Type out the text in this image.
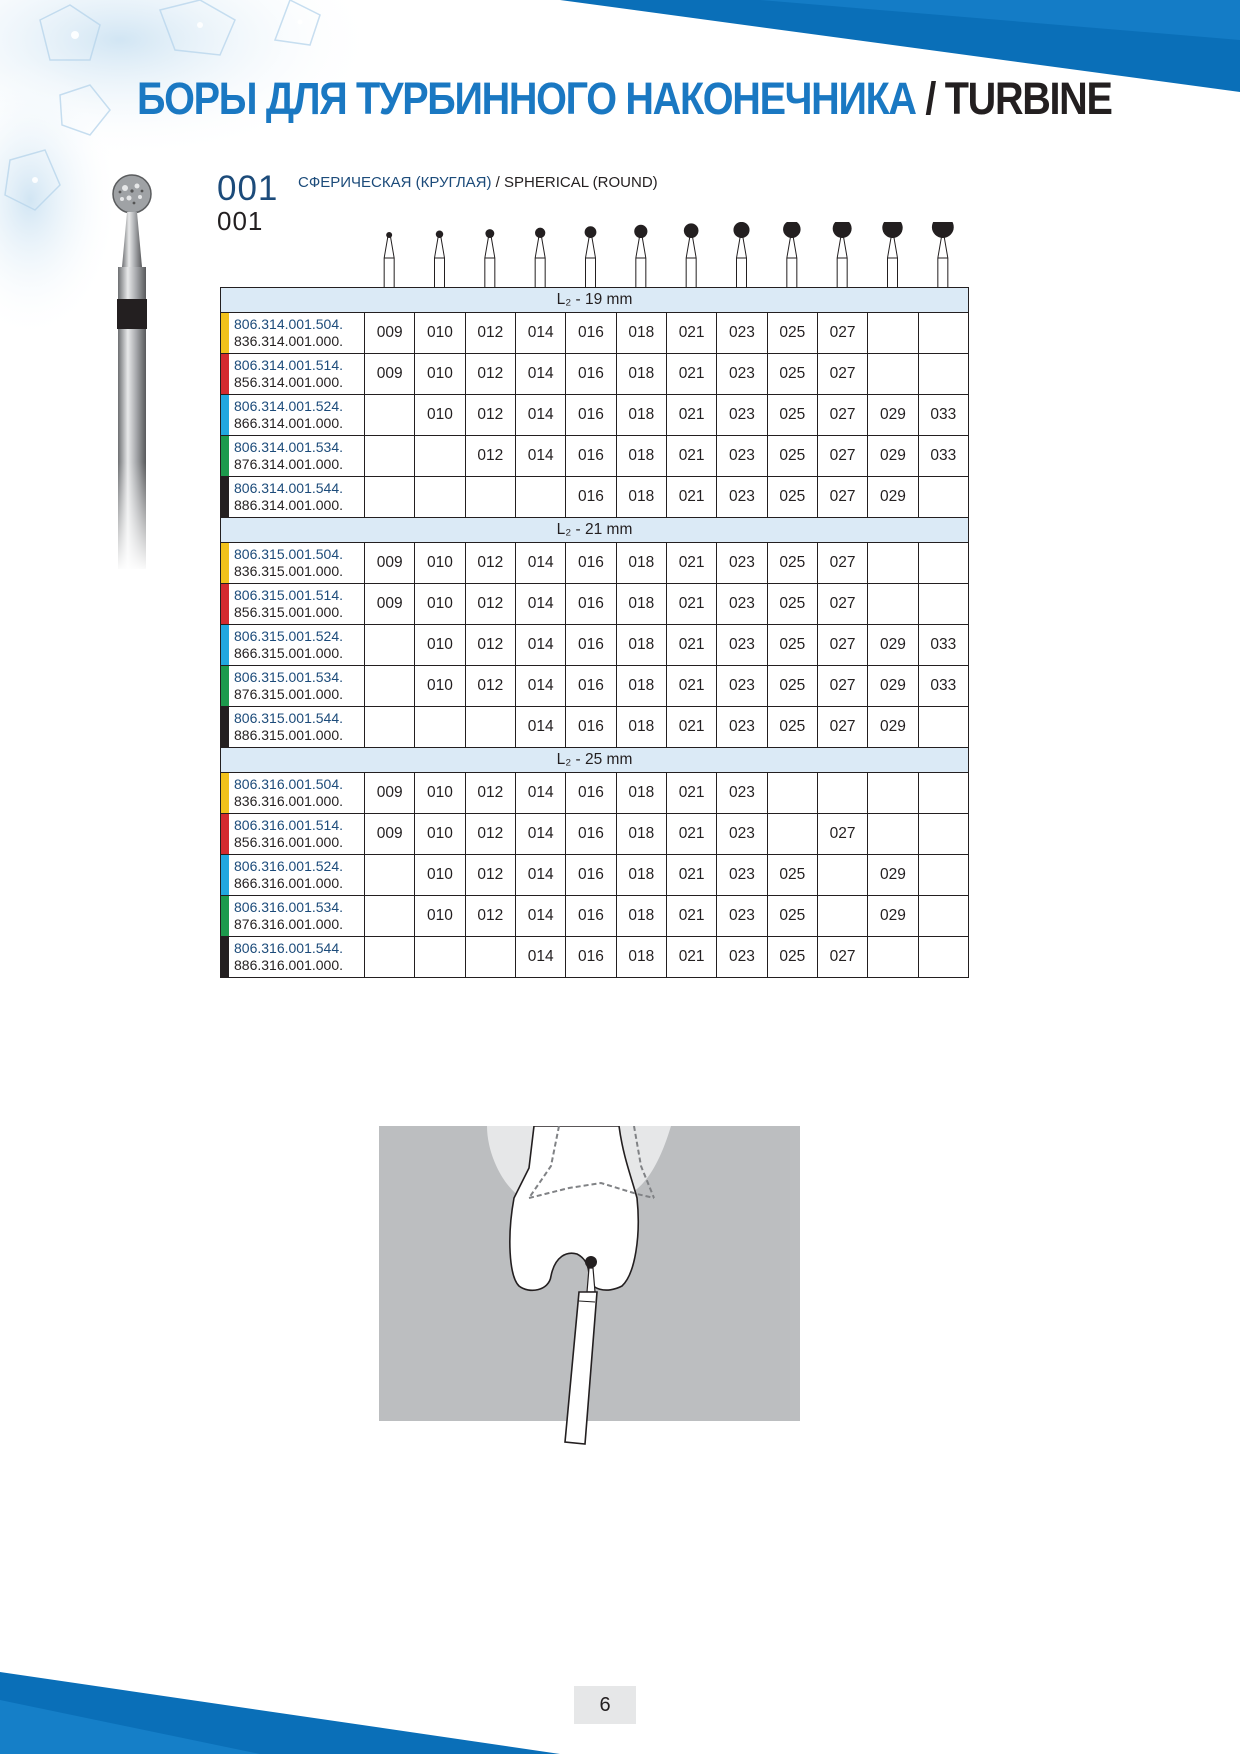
БОРЫ ДЛЯ ТУРБИННОГО НАКОНЕЧНИКА / TURBINE
001
001
СФЕРИЧЕСКАЯ (КРУГЛАЯ) / SPHERICAL (ROUND)
L₂ - 19 mm												

806.314.001.504.
836.314.001.000.	009	010	012	014	016	018	021	023	025	027		

806.314.001.514.
856.314.001.000.	009	010	012	014	016	018	021	023	025	027		

806.314.001.524.
866.314.001.000.		010	012	014	016	018	021	023	025	027	029	033

806.314.001.534.
876.314.001.000.			012	014	016	018	021	023	025	027	029	033

806.314.001.544.
886.314.001.000.					016	018	021	023	025	027	029	
L₂ - 21 mm												

806.315.001.504.
836.315.001.000.	009	010	012	014	016	018	021	023	025	027		

806.315.001.514.
856.315.001.000.	009	010	012	014	016	018	021	023	025	027		

806.315.001.524.
866.315.001.000.		010	012	014	016	018	021	023	025	027	029	033

806.315.001.534.
876.315.001.000.		010	012	014	016	018	021	023	025	027	029	033

806.315.001.544.
886.315.001.000.				014	016	018	021	023	025	027	029	
L₂ - 25 mm												

806.316.001.504.
836.316.001.000.	009	010	012	014	016	018	021	023				

806.316.001.514.
856.316.001.000.	009	010	012	014	016	018	021	023		027		

806.316.001.524.
866.316.001.000.		010	012	014	016	018	021	023	025		029	

806.316.001.534.
876.316.001.000.		010	012	014	016	018	021	023	025		029	

806.316.001.544.
886.316.001.000.				014	016	018	021	023	025	027		
6
